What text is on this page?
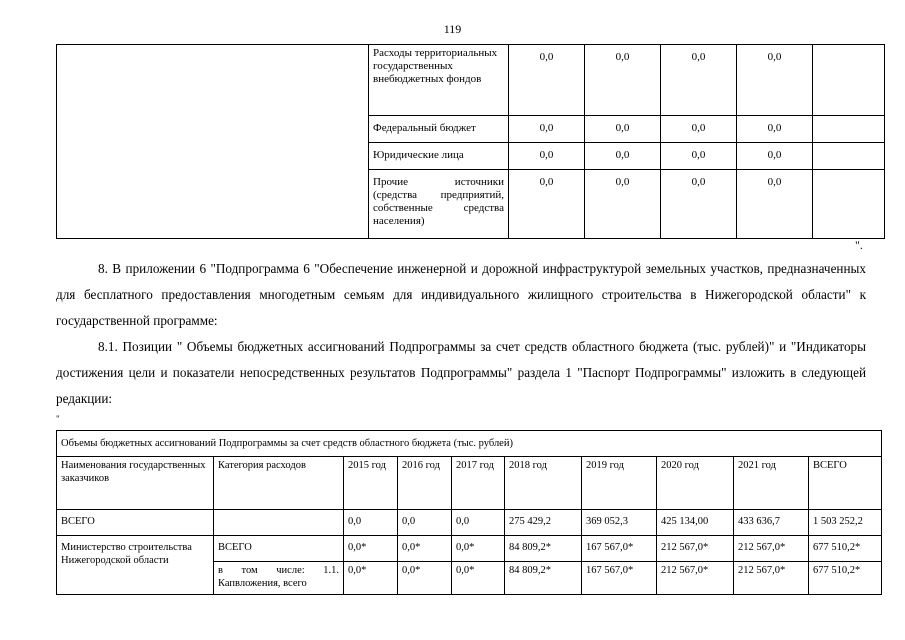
119
	Расходы территориальных государственных внебюджетных фондов	0,0	0,0	0,0	0,0	
	Федеральный бюджет	0,0	0,0	0,0	0,0	
	Юридические лица	0,0	0,0	0,0	0,0	
	Прочие источники (средства предприятий, собственные средства населения)	0,0	0,0	0,0	0,0	
".
8. В приложении 6 "Подпрограмма 6 "Обеспечение инженерной и дорожной инфраструктурой земельных участков, предназначенных для бесплатного предоставления многодетным семьям для индивидуального жилищного строительства в Нижегородской области" к государственной программе:
8.1. Позиции " Объемы бюджетных ассигнований Подпрограммы за счет средств областного бюджета (тыс. рублей)" и "Индикаторы достижения цели и показатели непосредственных результатов Подпрограммы" раздела 1 "Паспорт Подпрограммы" изложить в следующей редакции:
"
Объемы бюджетных ассигнований Подпрограммы за счет средств областного бюджета (тыс. рублей)									
Наименования государственных заказчиков	Категория расходов	2015 год	2016 год	2017 год	2018 год	2019 год	2020 год	2021 год	ВСЕГО
ВСЕГО		0,0	0,0	0,0	275 429,2	369 052,3	425 134,00	433 636,7	1 503 252,2
Министерство строительства Нижегородской области	ВСЕГО	0,0*	0,0*	0,0*	84 809,2*	167 567,0*	212 567,0*	212 567,0*	677 510,2*
	в том числе: 1.1. Капвложения, всего	0,0*	0,0*	0,0*	84 809,2*	167 567,0*	212 567,0*	212 567,0*	677 510,2*
